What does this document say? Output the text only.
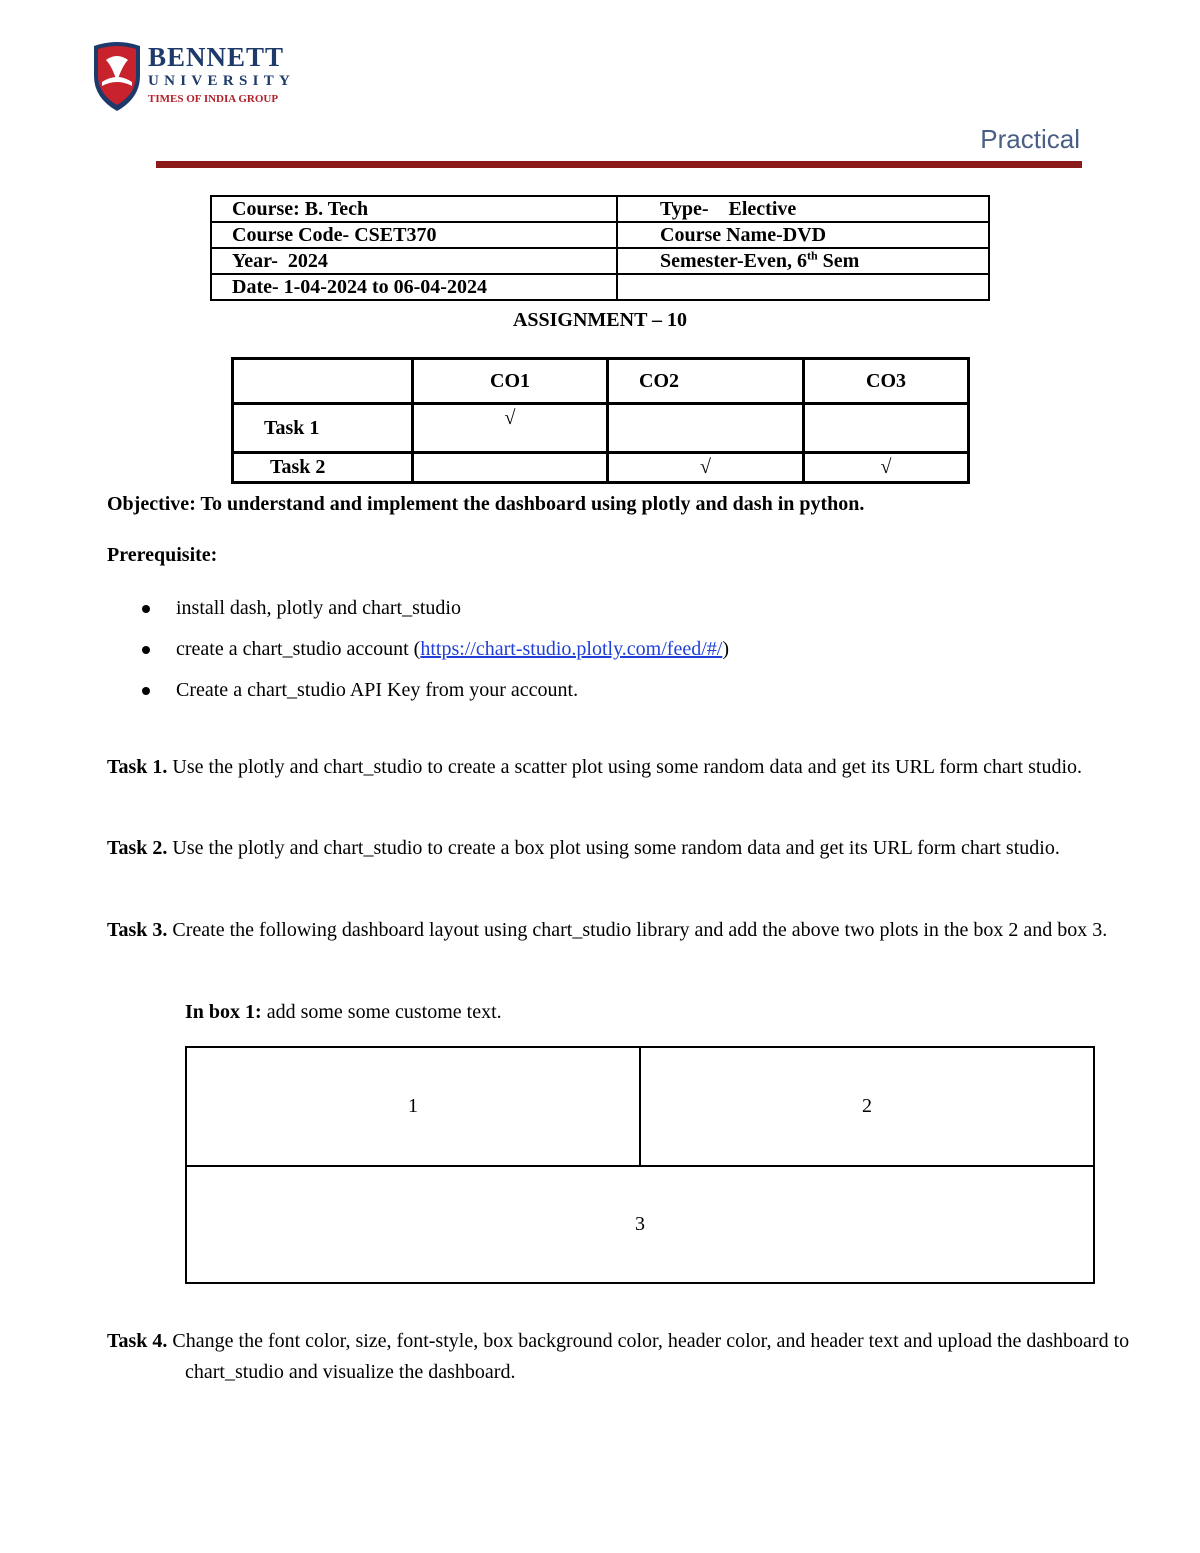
BENNETT
UNIVERSITY
TIMES OF INDIA GROUP
Practical
Course: B. Tech	Type-    Elective
Course Code- CSET370	Course Name-DVD
Year-  2024	Semester-Even, 6th Sem
Date- 1-04-2024 to 06-04-2024	
ASSIGNMENT – 10
	CO1	CO2	CO3
Task 1	√		
Task 2		√	√
Objective: To understand and implement the dashboard using plotly and dash in python.
Prerequisite:
install dash, plotly and chart_studio
create a chart_studio account (https://chart-studio.plotly.com/feed/#/)
Create a chart_studio API Key from your account.
Task 1. Use the plotly and chart_studio to create a scatter plot using some random data and get its URL form chart studio.
Task 2. Use the plotly and chart_studio to create a box plot using some random data and get its URL form chart studio.
Task 3. Create the following dashboard layout using chart_studio library and add the above two plots in the box 2 and box 3.
In box 1: add some some custome text.
1	2
3
Task 4. Change the font color, size, font-style, box background color, header color, and header text and upload the dashboard to chart_studio and visualize the dashboard.
